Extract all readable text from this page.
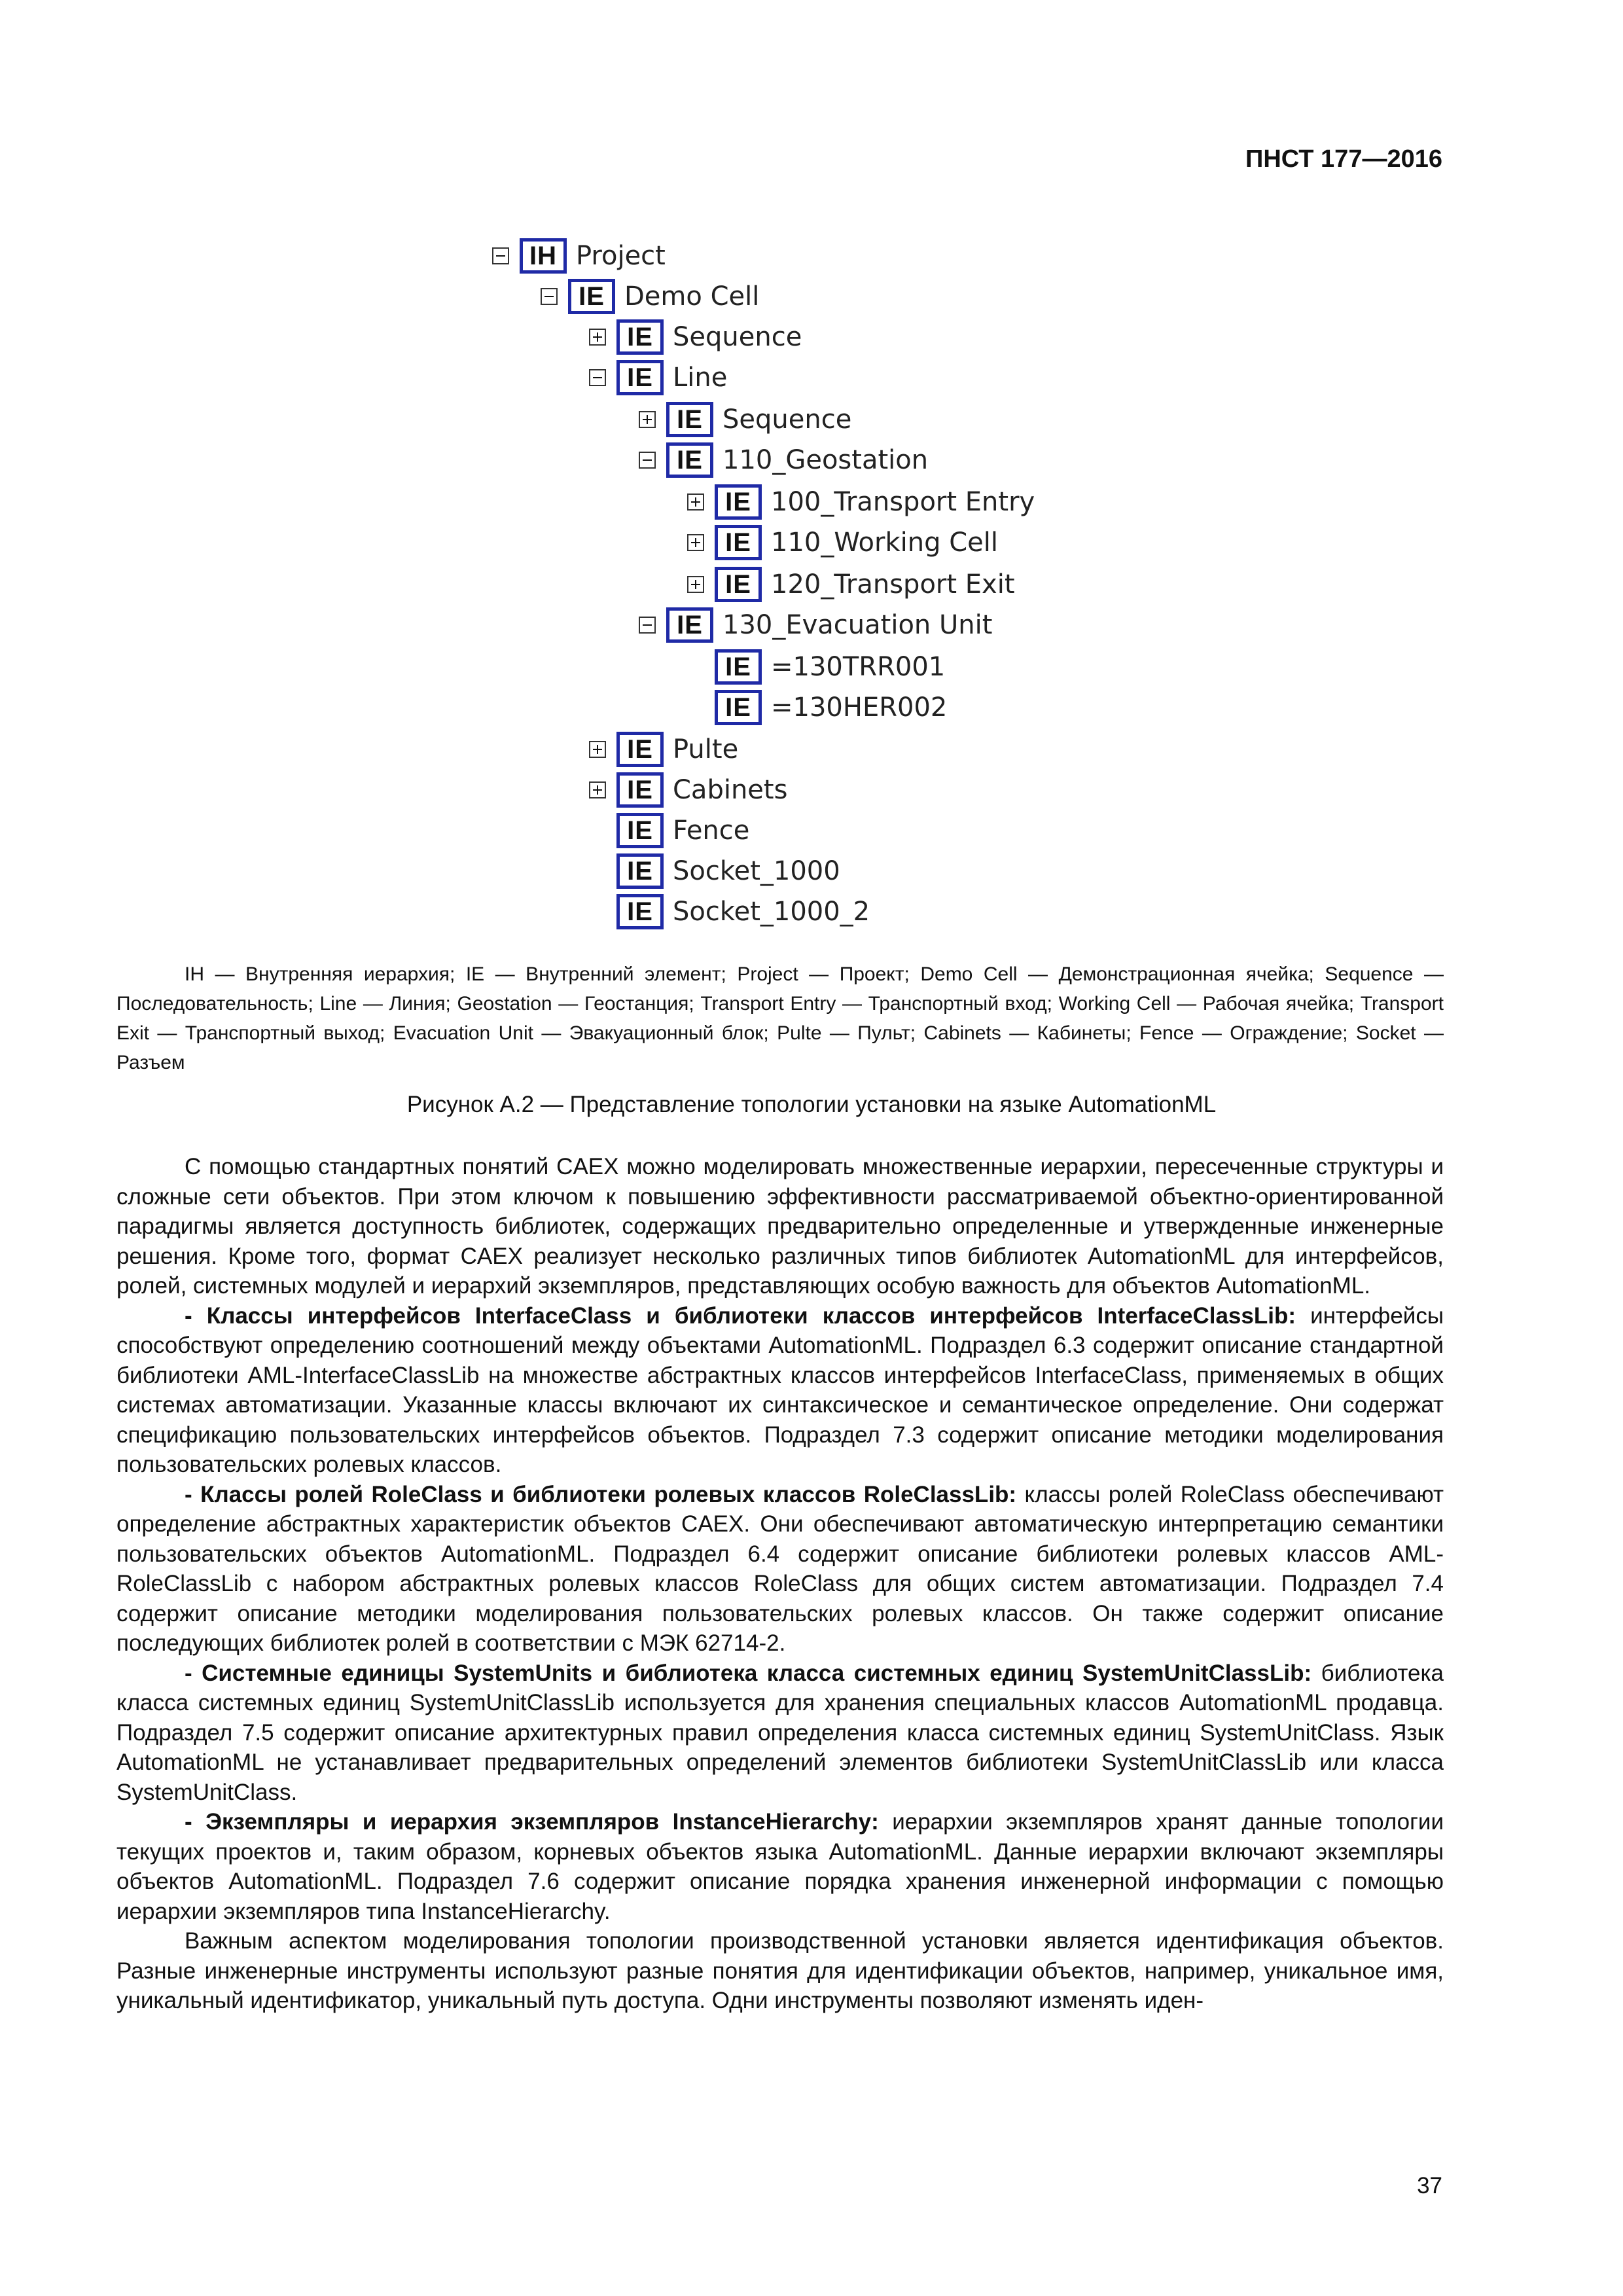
ПНСТ 177—2016
IH Project
IE Demo Cell
IE Sequence
IE Line
IE Sequence
IE 110_Geostation
IE 100_Transport Entry
IE 110_Working Cell
IE 120_Transport Exit
IE 130_Evacuation Unit
IE =130TRR001
IE =130HER002
IE Pulte
IE Cabinets
IE Fence
IE Socket_1000
IE Socket_1000_2
IH — Внутренняя иерархия; IE — Внутренний элемент; Project — Проект; Demo Cell — Демонстрационная ячейка; Sequence — Последовательность; Line — Линия; Geostation — Геостанция; Transport Entry — Транспортный вход; Working Cell — Рабочая ячейка; Transport Exit — Транспортный выход; Evacuation Unit — Эвакуационный блок; Pulte — Пульт; Cabinets — Кабинеты; Fence — Ограждение; Socket — Разъем
Рисунок А.2 — Представление топологии установки на языке AutomationML

С помощью стандартных понятий CAEX можно моделировать множественные иерархии, пересеченные структуры и сложные сети объектов. При этом ключом к повышению эффективности рассматриваемой объектно-ориентированной парадигмы является доступность библиотек, содержащих предварительно определенные и утвержденные инженерные решения. Кроме того, формат CAEX реализует несколько различных типов библиотек AutomationML для интерфейсов, ролей, системных модулей и иерархий экземпляров, представляющих особую важность для объектов AutomationML.

- Классы интерфейсов InterfaceClass и библиотеки классов интерфейсов InterfaceClassLib: интерфейсы способствуют определению соотношений между объектами AutomationML. Подраздел 6.3 содержит описание стандартной библиотеки AML-InterfaceClassLib на множестве абстрактных классов интерфейсов InterfaceClass, применяемых в общих системах автоматизации. Указанные классы включают их синтаксическое и семантическое определение. Они содержат спецификацию пользовательских интерфейсов объектов. Подраздел 7.3 содержит описание методики моделирования пользовательских ролевых классов.

- Классы ролей RoleClass и библиотеки ролевых классов RoleClassLib: классы ролей RoleClass обеспечивают определение абстрактных характеристик объектов CAEX. Они обеспечивают автоматическую интерпретацию семантики пользовательских объектов AutomationML. Подраздел 6.4 содержит описание библиотеки ролевых классов AML-RoleClassLib с набором абстрактных ролевых классов RoleClass для общих систем автоматизации. Подраздел 7.4 содержит описание методики моделирования пользовательских ролевых классов. Он также содержит описание последующих библиотек ролей в соответствии с МЭК 62714-2.

- Системные единицы SystemUnits и библиотека класса системных единиц SystemUnitClassLib: библиотека класса системных единиц SystemUnitClassLib используется для хранения специальных классов AutomationML продавца. Подраздел 7.5 содержит описание архитектурных правил определения класса системных единиц SystemUnitClass. Язык AutomationML не устанавливает предварительных определений элементов библиотеки SystemUnitClassLib или класса SystemUnitClass.

- Экземпляры и иерархия экземпляров InstanceHierarchy: иерархии экземпляров хранят данные топологии текущих проектов и, таким образом, корневых объектов языка AutomationML. Данные иерархии включают экземпляры объектов AutomationML. Подраздел 7.6 содержит описание порядка хранения инженерной информации с помощью иерархии экземпляров типа InstanceHierarchy.

Важным аспектом моделирования топологии производственной установки является идентификация объектов. Разные инженерные инструменты используют разные понятия для идентификации объектов, например, уникальное имя, уникальный идентификатор, уникальный путь доступа. Одни инструменты позволяют изменять иден-

37
